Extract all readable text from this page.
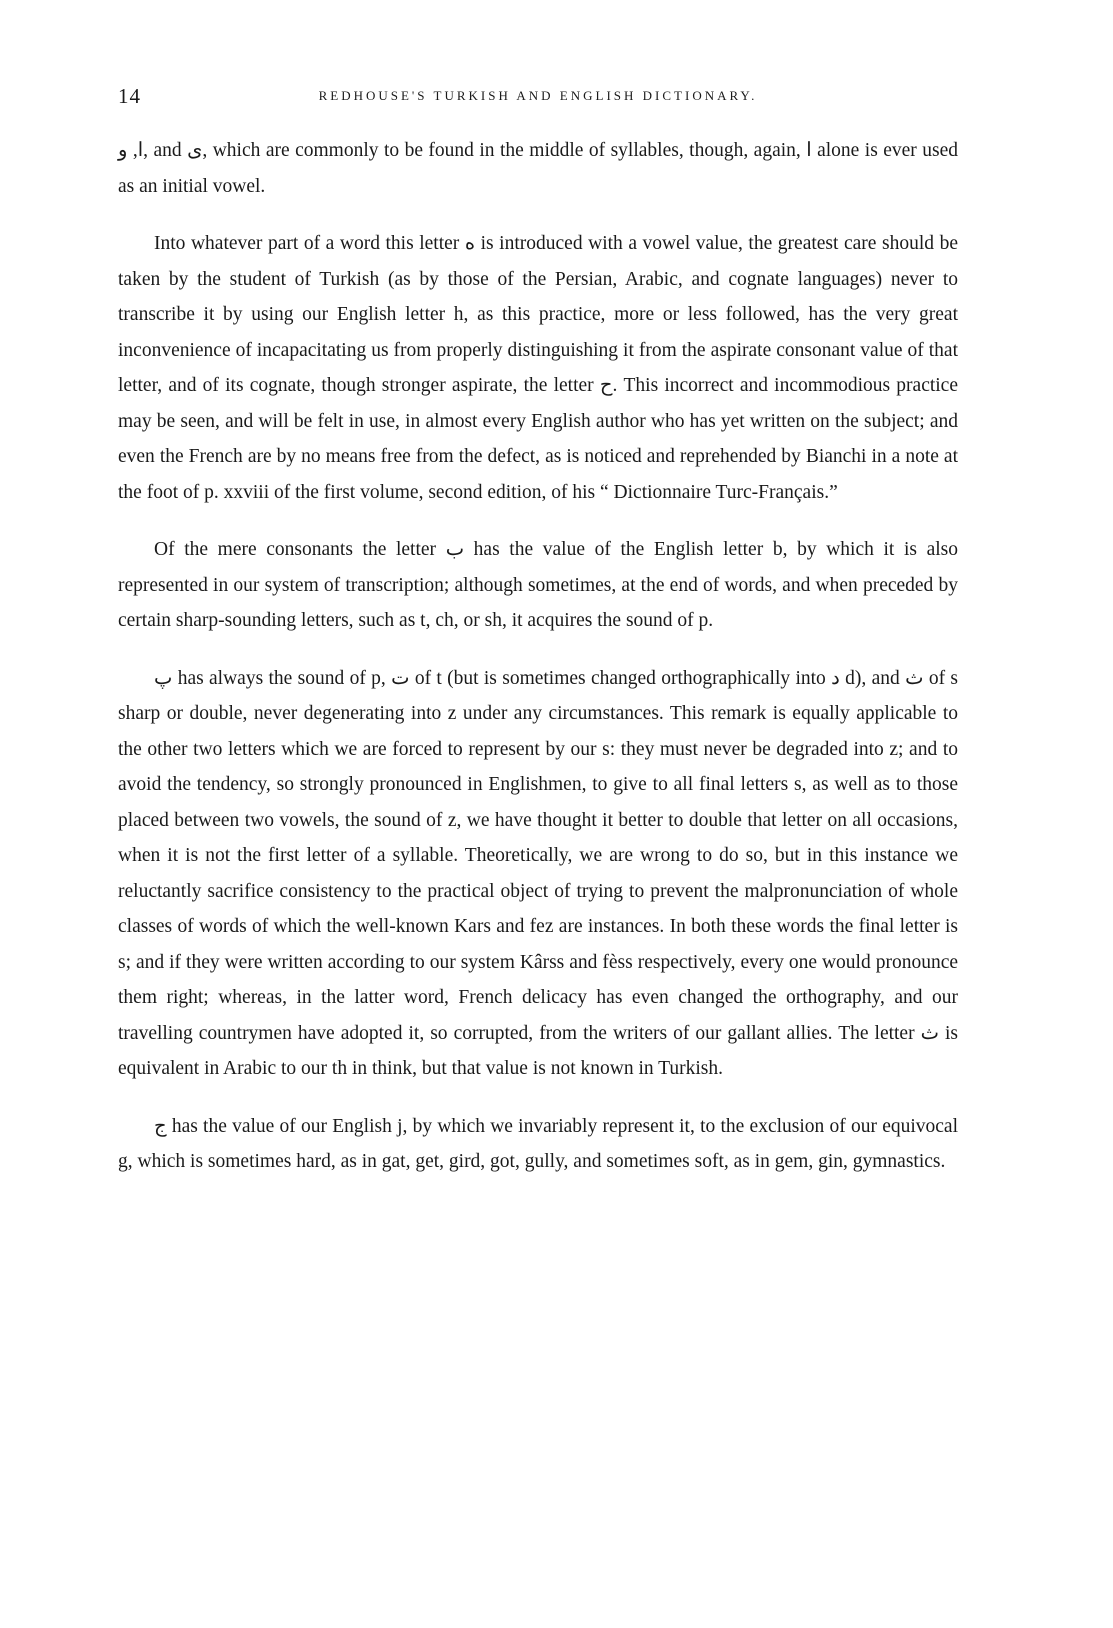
14	REDHOUSE'S TURKISH AND ENGLISH DICTIONARY.

ا, و, and ى, which are commonly to be found in the middle of syllables, though, again, ا alone is ever used as an initial vowel.

Into whatever part of a word this letter ه is introduced with a vowel value, the greatest care should be taken by the student of Turkish (as by those of the Persian, Arabic, and cognate languages) never to transcribe it by using our English letter h, as this practice, more or less followed, has the very great inconvenience of incapacitating us from properly distinguishing it from the aspirate consonant value of that letter, and of its cognate, though stronger aspirate, the letter ح. This incorrect and incommodious practice may be seen, and will be felt in use, in almost every English author who has yet written on the subject; and even the French are by no means free from the defect, as is noticed and reprehended by Bianchi in a note at the foot of p. xxviii of the first volume, second edition, of his “ Dictionnaire Turc-Français.”

Of the mere consonants the letter ب has the value of the English letter b, by which it is also represented in our system of transcription; although sometimes, at the end of words, and when preceded by certain sharp-sounding letters, such as t, ch, or sh, it acquires the sound of p.

پ has always the sound of p, ت of t (but is sometimes changed orthographically into د d), and ث of s sharp or double, never degenerating into z under any circumstances. This remark is equally applicable to the other two letters which we are forced to represent by our s: they must never be degraded into z; and to avoid the tendency, so strongly pronounced in Englishmen, to give to all final letters s, as well as to those placed between two vowels, the sound of z, we have thought it better to double that letter on all occasions, when it is not the first letter of a syllable. Theoretically, we are wrong to do so, but in this instance we reluctantly sacrifice consistency to the practical object of trying to prevent the malpronunciation of whole classes of words of which the well-known Kars and fez are instances. In both these words the final letter is s; and if they were written according to our system Kârss and fèss respectively, every one would pronounce them right; whereas, in the latter word, French delicacy has even changed the orthography, and our travelling countrymen have adopted it, so corrupted, from the writers of our gallant allies. The letter ث is equivalent in Arabic to our th in think, but that value is not known in Turkish.

ج has the value of our English j, by which we invariably represent it, to the exclusion of our equivocal g, which is sometimes hard, as in gat, get, gird, got, gully, and sometimes soft, as in gem, gin, gymnastics.
